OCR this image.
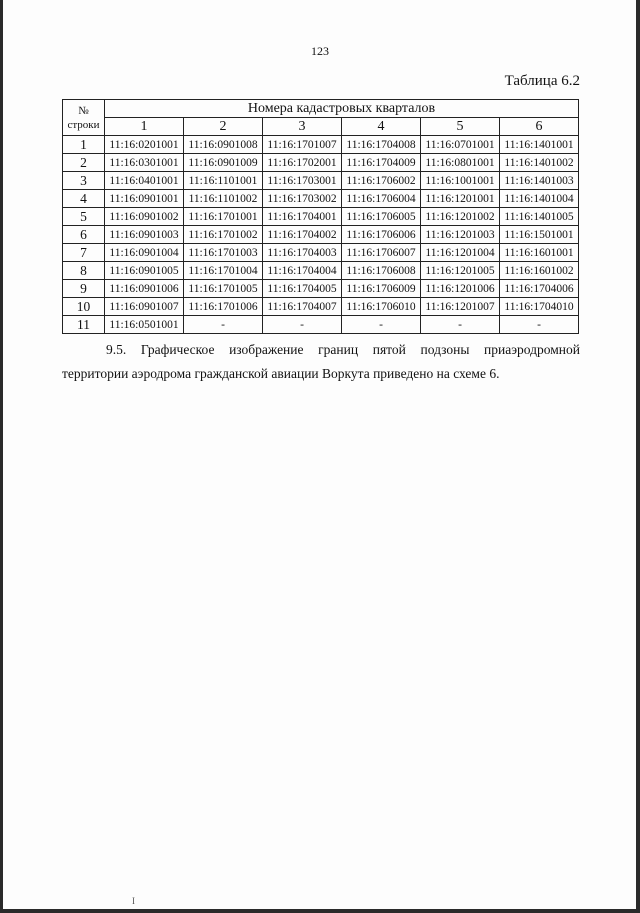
123
Таблица 6.2
№
строки	Номера кадастровых кварталов					
	1	2	3	4	5	6
1	11:16:0201001	11:16:0901008	11:16:1701007	11:16:1704008	11:16:0701001	11:16:1401001
2	11:16:0301001	11:16:0901009	11:16:1702001	11:16:1704009	11:16:0801001	11:16:1401002
3	11:16:0401001	11:16:1101001	11:16:1703001	11:16:1706002	11:16:1001001	11:16:1401003
4	11:16:0901001	11:16:1101002	11:16:1703002	11:16:1706004	11:16:1201001	11:16:1401004
5	11:16:0901002	11:16:1701001	11:16:1704001	11:16:1706005	11:16:1201002	11:16:1401005
6	11:16:0901003	11:16:1701002	11:16:1704002	11:16:1706006	11:16:1201003	11:16:1501001
7	11:16:0901004	11:16:1701003	11:16:1704003	11:16:1706007	11:16:1201004	11:16:1601001
8	11:16:0901005	11:16:1701004	11:16:1704004	11:16:1706008	11:16:1201005	11:16:1601002
9	11:16:0901006	11:16:1701005	11:16:1704005	11:16:1706009	11:16:1201006	11:16:1704006
10	11:16:0901007	11:16:1701006	11:16:1704007	11:16:1706010	11:16:1201007	11:16:1704010
11	11:16:0501001	-	-	-	-	-
9.5. Графическое изображение границ пятой подзоны приаэродромной территории аэродрома гражданской авиации Воркута приведено на схеме 6.
I
